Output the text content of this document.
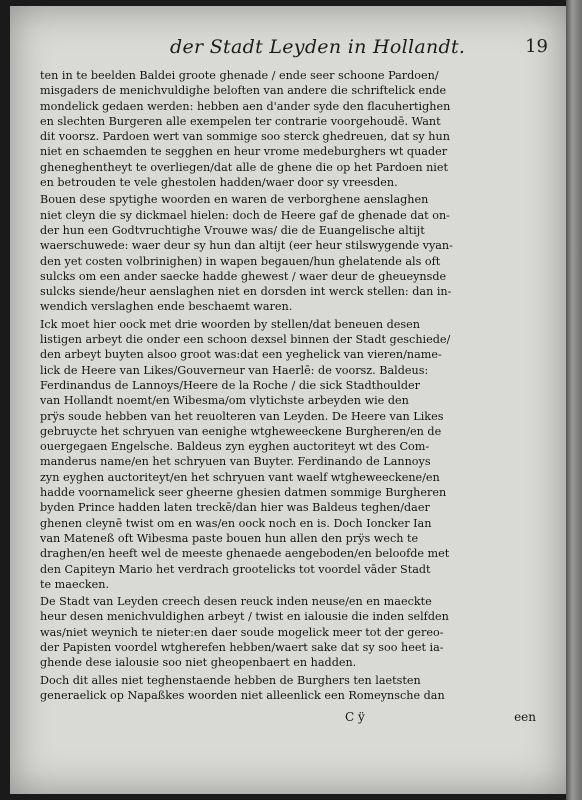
der Stadt Leyden in Hollandt.	19
ten in te beelden Baldei groote ghenade / ende seer schoone Pardoen/
misgaders de menichvuldighe beloften van andere die schriftelick ende
mondelick gedaen werden: hebben aen d'ander syde den flacuhertighen
en slechten Burgeren alle exempelen ter contrarie voorgehoudē. Want
dit voorsz. Pardoen wert van sommige soo sterck ghedreuen, dat sy hun
niet en schaemden te segghen en heur vrome medeburghers wt quader
gheneghentheyt te overliegen/dat alle de ghene die op het Pardoen niet
en betrouden te vele ghestolen hadden/waer door sy vreesden.
Bouen dese spytighe woorden en waren de verborghene aenslaghen
niet cleyn die sy dickmael hielen: doch de Heere gaf de ghenade dat on-
der hun een Godtvruchtighe Vrouwe was/ die de Euangelische altijt
waerschuwede: waer deur sy hun dan altijt (eer heur stilswygende vyan-
den yet costen volbrinighen) in wapen begauen/hun ghelatende als oft
sulcks om een ander saecke hadde ghewest / waer deur de gheueynsde
sulcks siende/heur aenslaghen niet en dorsden int werck stellen: dan in-
wendich verslaghen ende beschaemt waren.
Ick moet hier oock met drie woorden by stellen/dat beneuen desen
listigen arbeyt die onder een schoon dexsel binnen der Stadt geschiede/
den arbeyt buyten alsoo groot was:dat een yeghelick van vieren/name-
lick de Heere van Likes/Gouverneur van Haerlē: de voorsz. Baldeus:
Ferdinandus de Lannoys/Heere de la Roche / die sick Stadthoulder
van Hollandt noemt/en Wibesma/om vlytichste arbeyden wie den
prÿs soude hebben van het reuolteren van Leyden. De Heere van Likes
gebruycte het schryuen van eenighe wtgheweeckene Burgheren/en de
ouergegaen Engelsche. Baldeus zyn eyghen auctoriteyt wt des Com-
manderus name/en het schryuen van Buyter. Ferdinando de Lannoys
zyn eyghen auctoriteyt/en het schryuen vant waelf wtgheweeckene/en
hadde voornamelick seer gheerne ghesien datmen sommige Burgheren
byden Prince hadden laten treckē/dan hier was Baldeus teghen/daer
ghenen cleynē twist om en was/en oock noch en is. Doch Ioncker Ian
van Mateneß oft Wibesma paste bouen hun allen den prÿs wech te
draghen/en heeft wel de meeste ghenaede aengeboden/en beloofde met
den Capiteyn Mario het verdrach grootelicks tot voordel vāder Stadt
te maecken.
De Stadt van Leyden creech desen reuck inden neuse/en en maeckte
heur desen menichvuldighen arbeyt / twist en ialousie die inden selfden
was/niet weynich te nieter:en daer soude mogelick meer tot der gereo-
der Papisten voordel wtgherefen hebben/waert sake dat sy soo heet ia-
ghende dese ialousie soo niet gheopenbaert en hadden.
Doch dit alles niet teghenstaende hebben de Burghers ten laetsten
generaelick op Napaßkes woorden niet alleenlick een Romeynsche dan
C ÿ	een
